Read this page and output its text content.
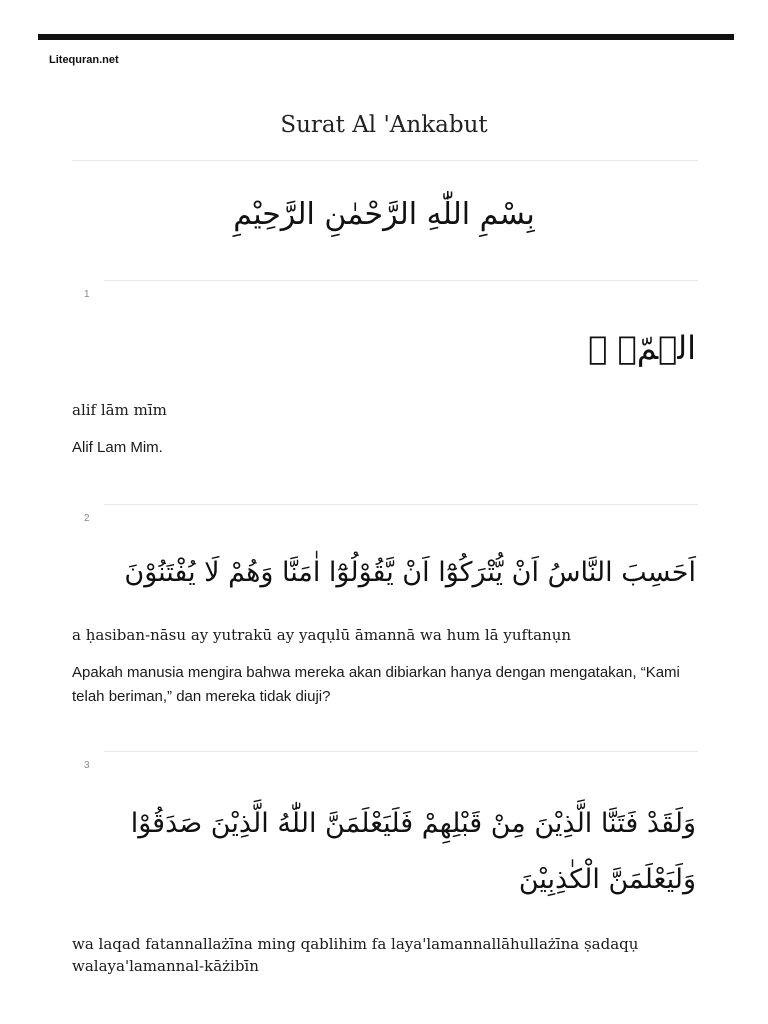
Litequran.net
Surat Al 'Ankabut
بِسْمِ اللّٰهِ الرَّحْمٰنِ الرَّحِيْمِ
1
الۤمّۤ ۗ
alif lām mīm
Alif Lam Mim.
2
اَحَسِبَ النَّاسُ اَنْ يُّتْرَكُوْٓا اَنْ يَّقُوْلُوْٓا اٰمَنَّا وَهُمْ لَا يُفْتَنُوْنَ
a ḥasiban-nāsu ay yutrakū ay yaqụlū āmannā wa hum lā yuftanụn
Apakah manusia mengira bahwa mereka akan dibiarkan hanya dengan mengatakan, “Kami telah beriman,” dan mereka tidak diuji?
3
وَلَقَدْ فَتَنَّا الَّذِيْنَ مِنْ قَبْلِهِمْ فَلَيَعْلَمَنَّ اللّٰهُ الَّذِيْنَ صَدَقُوْا وَلَيَعْلَمَنَّ الْكٰذِبِيْنَ
wa laqad fatannallażīna ming qablihim fa laya'lamannallāhullażīna ṣadaqụ walaya'lamannal-kāżibīn
